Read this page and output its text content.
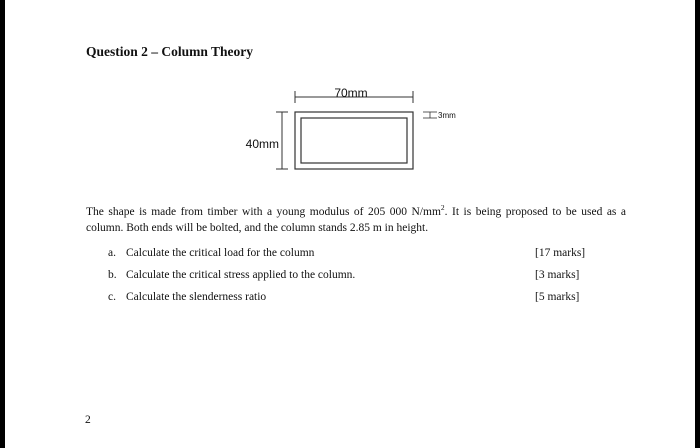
Question 2 – Column Theory
70mm
40mm
3mm

The shape is made from timber with a young modulus of 205 000 $N/mm^2$. It is being proposed to be used as a column. Both ends will be bolted, and the column stands 2.85 m in height.

a. Calculate the critical load for the column	[17 marks]
b. Calculate the critical stress applied to the column.	[3 marks]
c. Calculate the slenderness ratio	[5 marks]
2
